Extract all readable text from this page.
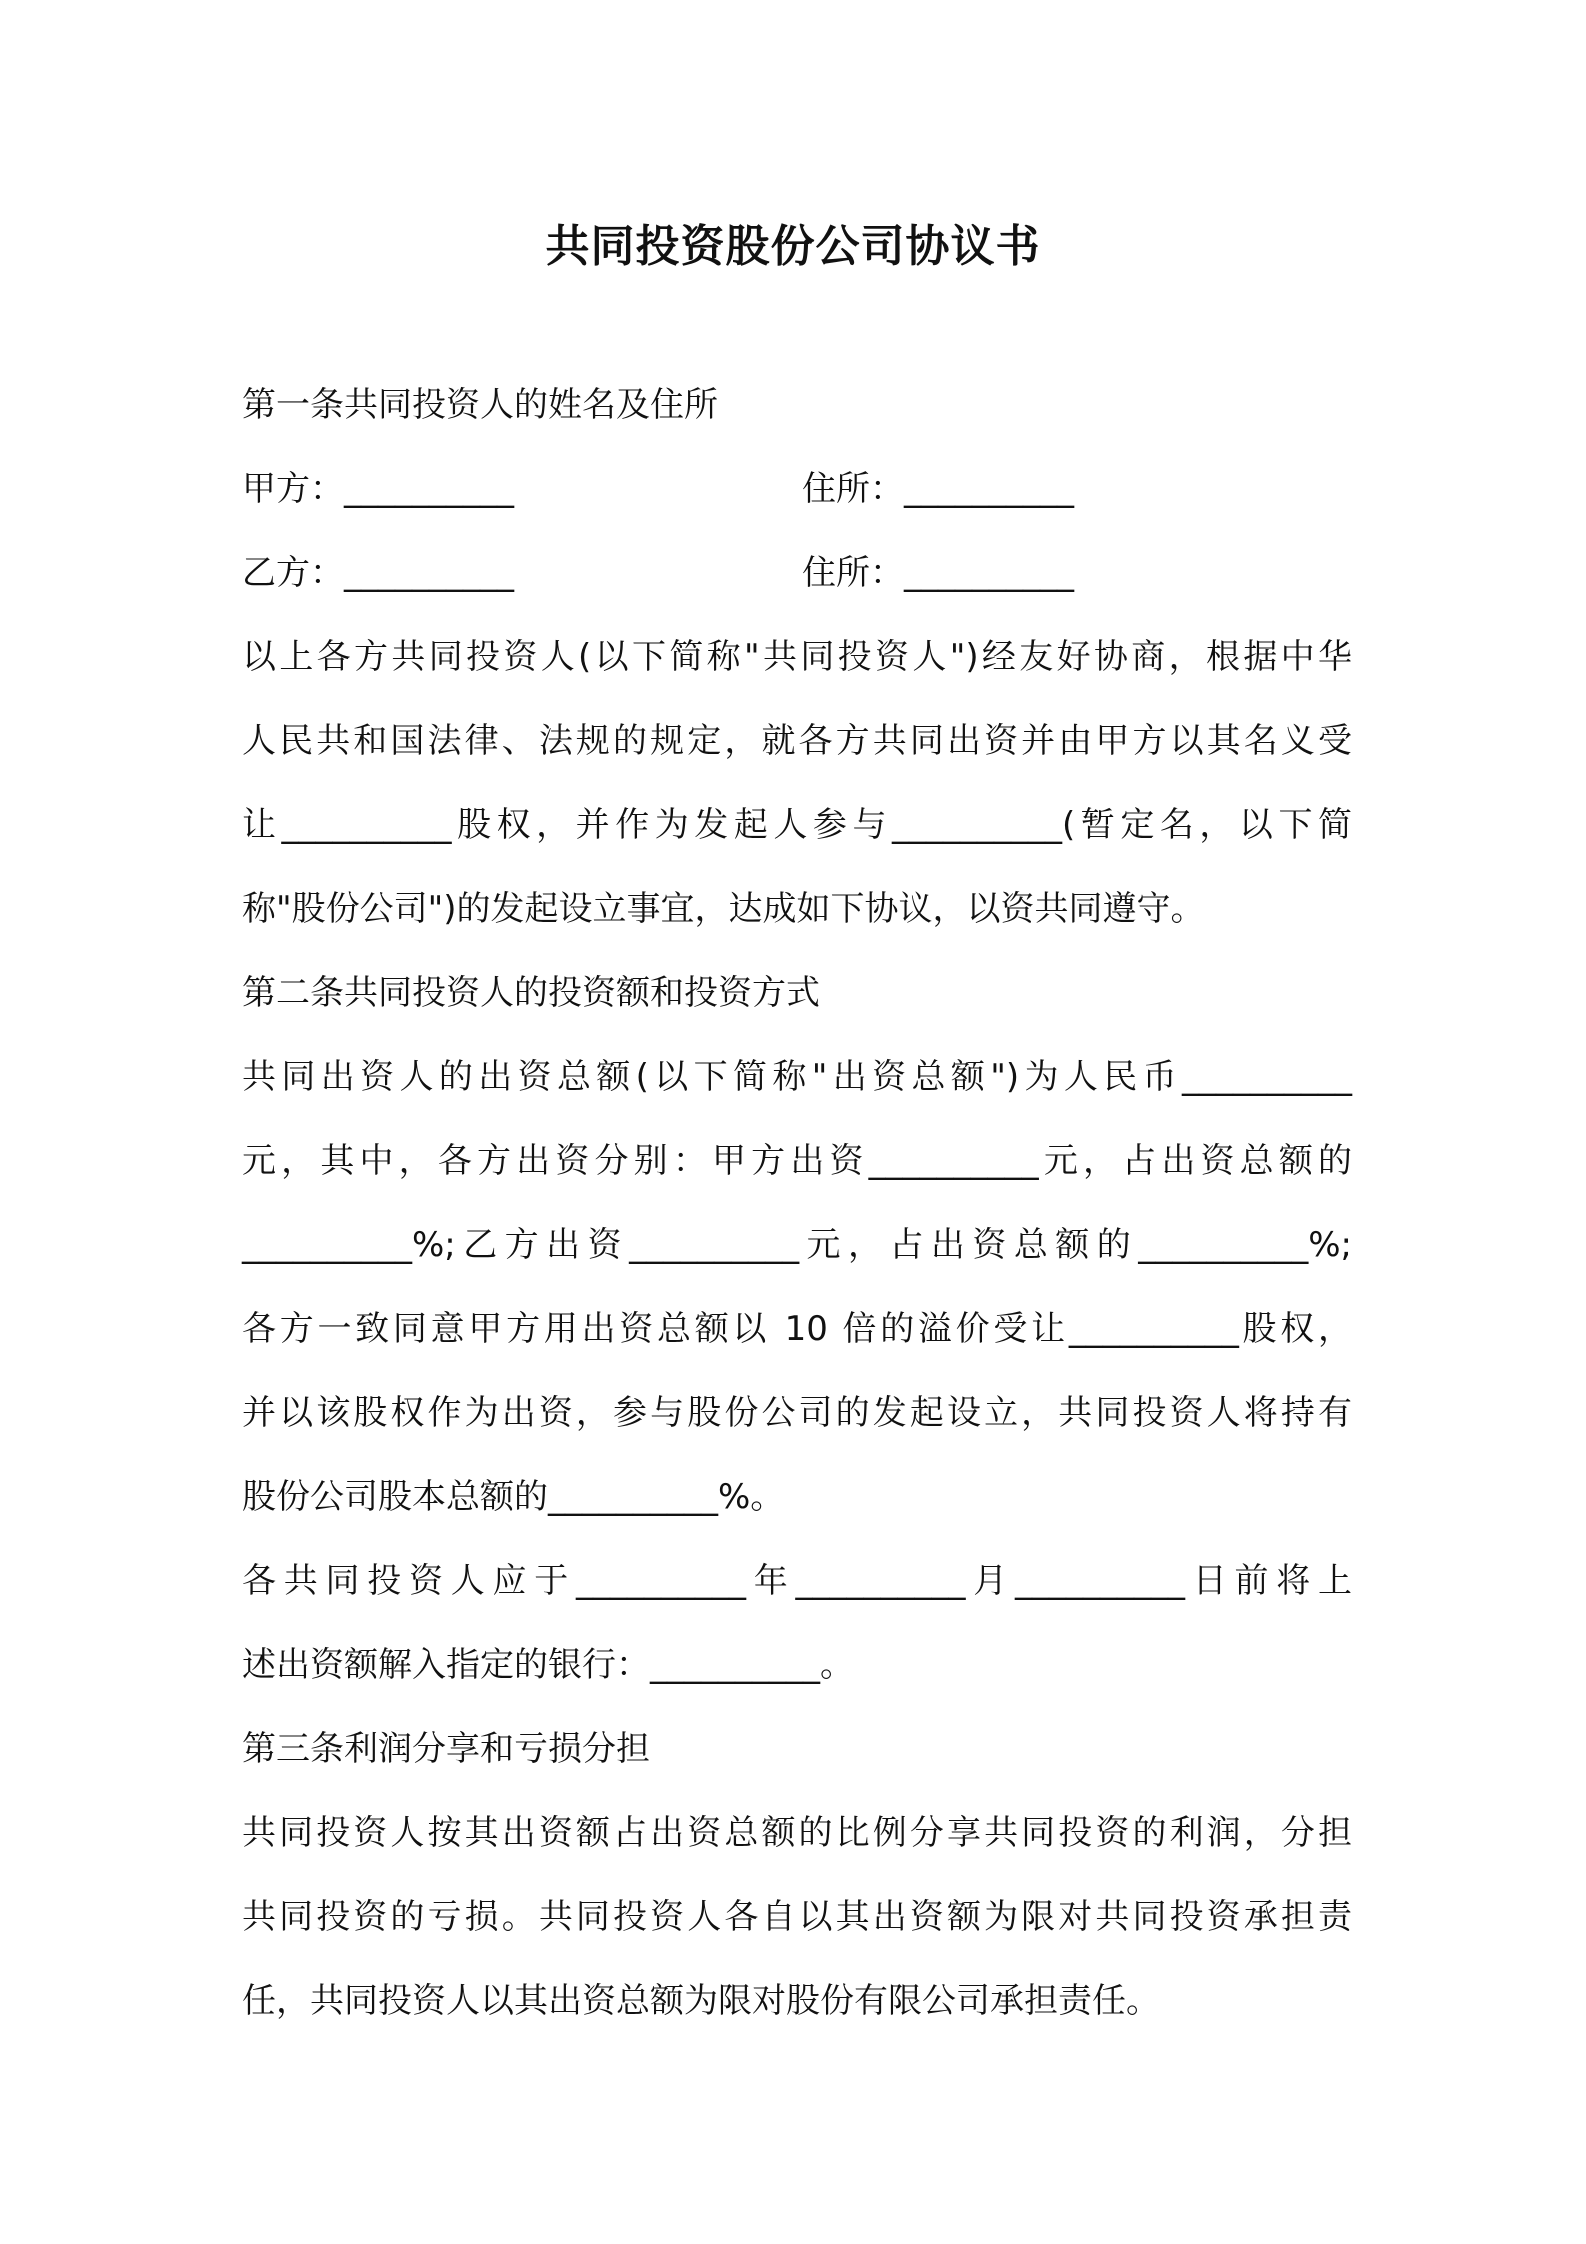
共同投资股份公司协议书
第一条共同投资人的姓名及住所
甲方：__________	住所：__________
乙方：__________	住所：__________
以上各方共同投资人(以下简称"共同投资人")经友好协商，根据中华
人民共和国法律、法规的规定，就各方共同出资并由甲方以其名义受
让__________股权，并作为发起人参与__________(暂定名，以下简
称"股份公司")的发起设立事宜，达成如下协议，以资共同遵守。
第二条共同投资人的投资额和投资方式
共同出资人的出资总额(以下简称"出资总额")为人民币__________
元，其中，各方出资分别：甲方出资__________元，占出资总额的
__________%;乙方出资__________元，占出资总额的__________%;
各方一致同意甲方用出资总额以 10 倍的溢价受让__________股权，
并以该股权作为出资，参与股份公司的发起设立，共同投资人将持有
股份公司股本总额的__________%。
各共同投资人应于__________年__________月__________日前将上
述出资额解入指定的银行：__________。
第三条利润分享和亏损分担
共同投资人按其出资额占出资总额的比例分享共同投资的利润，分担
共同投资的亏损。共同投资人各自以其出资额为限对共同投资承担责
任，共同投资人以其出资总额为限对股份有限公司承担责任。
